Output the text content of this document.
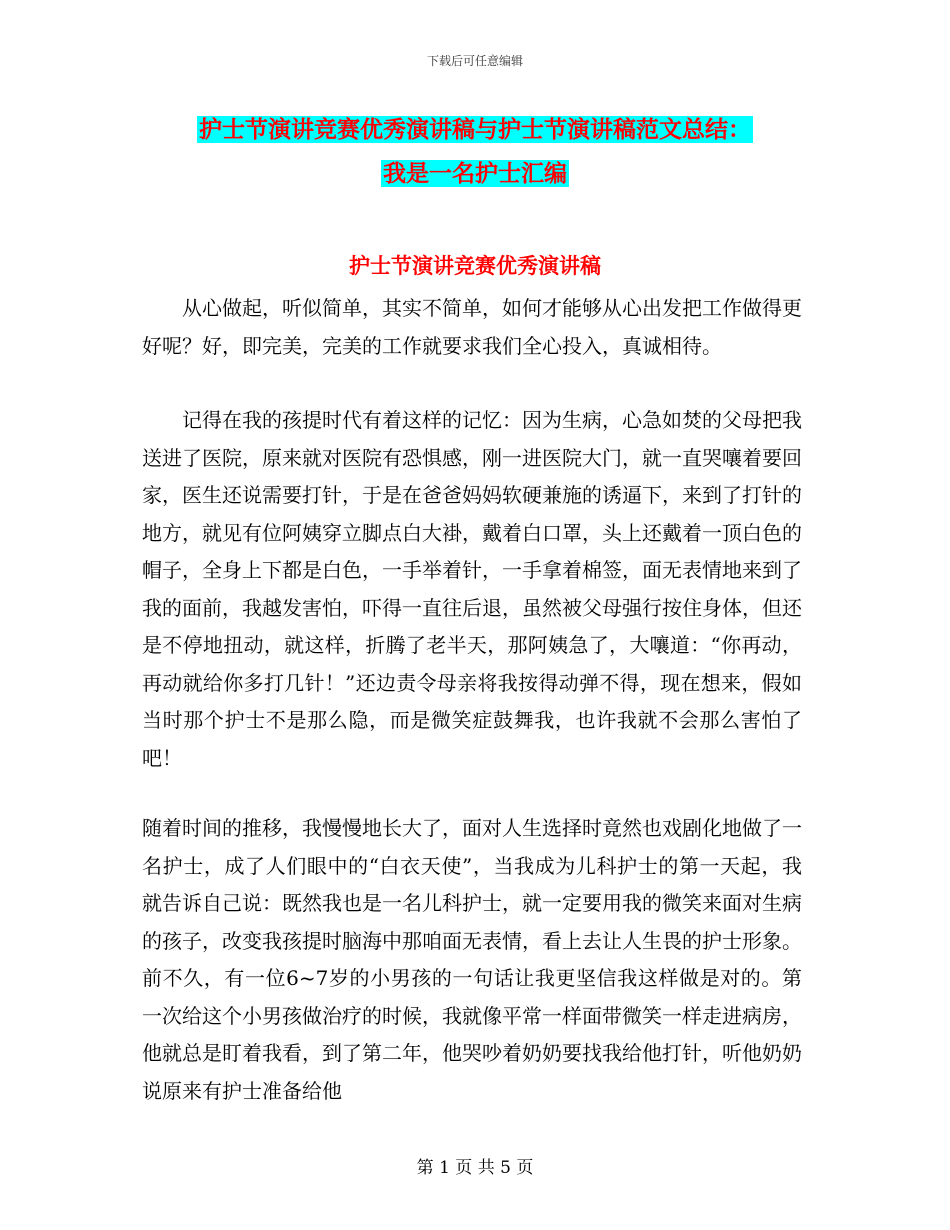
下载后可任意编辑
护士节演讲竞赛优秀演讲稿与护士节演讲稿范文总结：
我是一名护士汇编
护士节演讲竞赛优秀演讲稿

从心做起，听似简单，其实不简单，如何才能够从心出发把工作做得更好呢？好，即完美，完美的工作就要求我们全心投入，真诚相待。

记得在我的孩提时代有着这样的记忆：因为生病，心急如焚的父母把我送进了医院，原来就对医院有恐惧感，刚一进医院大门，就一直哭嚷着要回家，医生还说需要打针，于是在爸爸妈妈软硬兼施的诱逼下，来到了打针的地方，就见有位阿姨穿立脚点白大褂，戴着白口罩，头上还戴着一顶白色的帽子，全身上下都是白色，一手举着针，一手拿着棉签，面无表情地来到了我的面前，我越发害怕，吓得一直往后退，虽然被父母强行按住身体，但还是不停地扭动，就这样，折腾了老半天，那阿姨急了，大嚷道：“你再动，再动就给你多打几针！”还边责令母亲将我按得动弹不得，现在想来，假如当时那个护士不是那么隐，而是微笑症鼓舞我，也许我就不会那么害怕了吧！

随着时间的推移，我慢慢地长大了，面对人生选择时竟然也戏剧化地做了一名护士，成了人们眼中的“白衣天使”，当我成为儿科护士的第一天起，我就告诉自己说：既然我也是一名儿科护士，就一定要用我的微笑来面对生病的孩子，改变我孩提时脑海中那咱面无表情，看上去让人生畏的护士形象。前不久，有一位6~7岁的小男孩的一句话让我更坚信我这样做是对的。第一次给这个小男孩做治疗的时候，我就像平常一样面带微笑一样走进病房，他就总是盯着我看，到了第二年，他哭吵着奶奶要找我给他打针，听他奶奶说原来有护士准备给他

第 1 页 共 5 页
